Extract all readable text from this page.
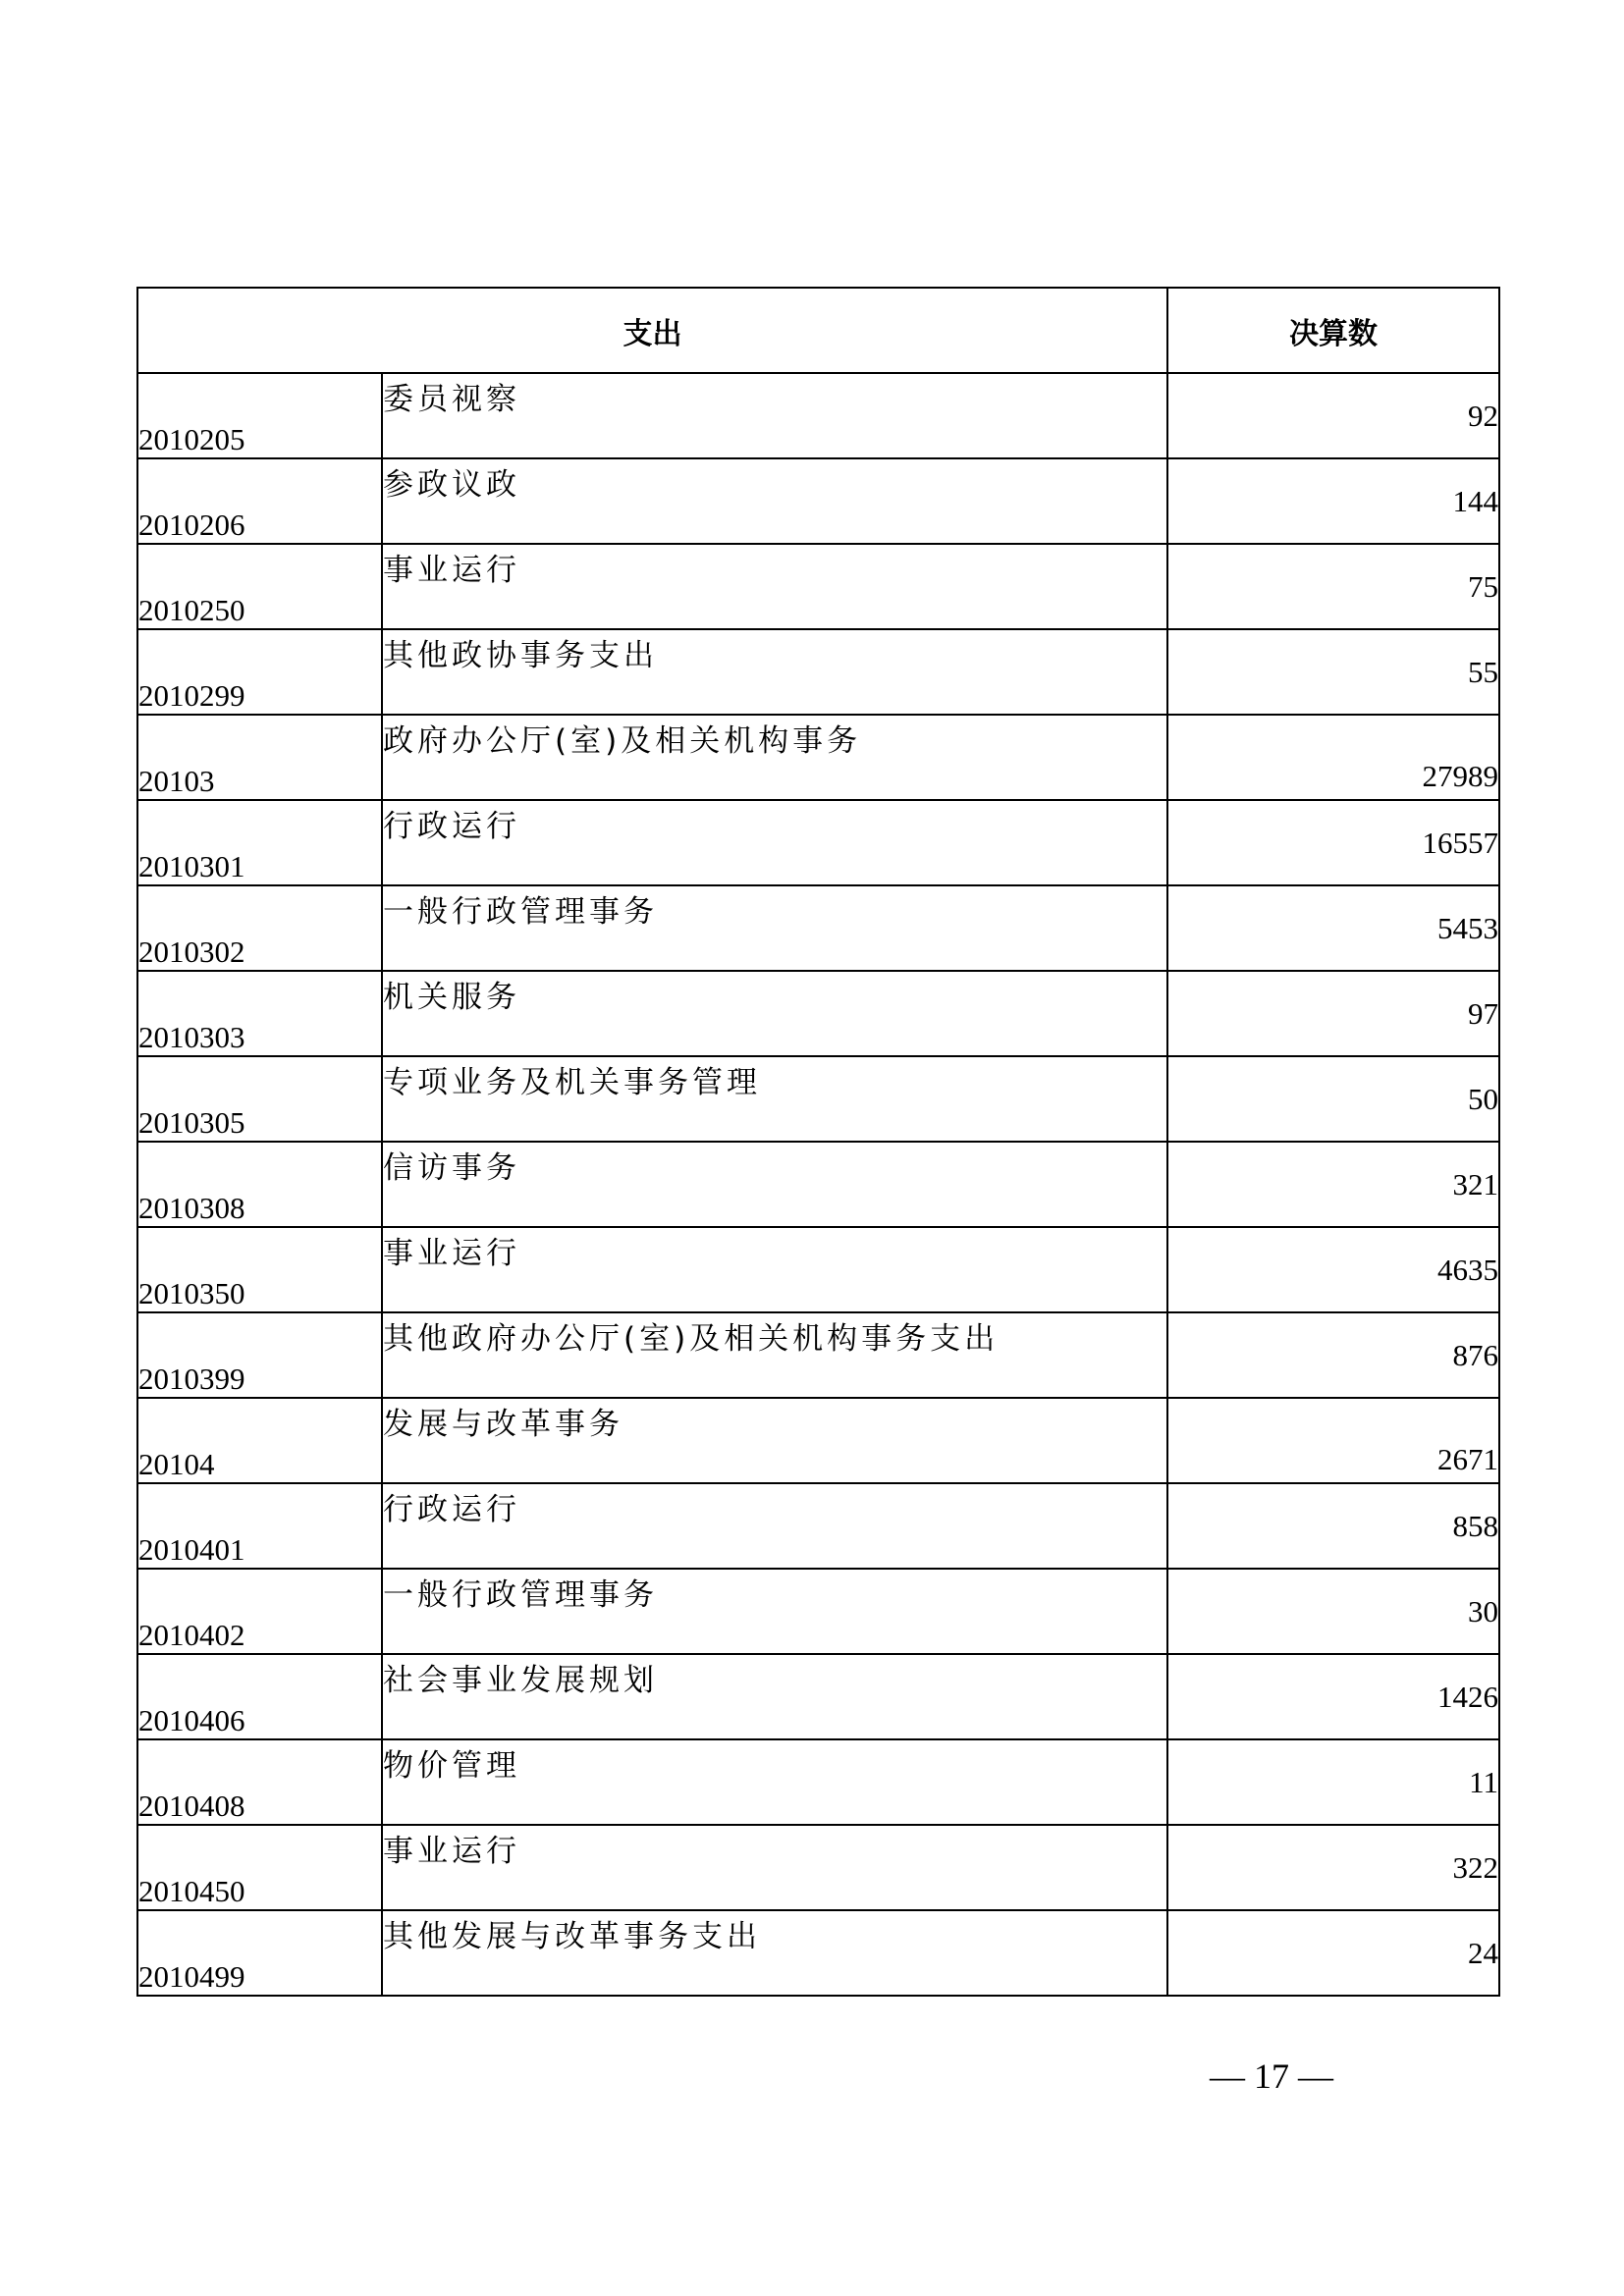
支出		决算数
2010205	委员视察	92
2010206	参政议政	144
2010250	事业运行	75
2010299	其他政协事务支出	55
20103	政府办公厅(室)及相关机构事务	27989
2010301	行政运行	16557
2010302	一般行政管理事务	5453
2010303	机关服务	97
2010305	专项业务及机关事务管理	50
2010308	信访事务	321
2010350	事业运行	4635
2010399	其他政府办公厅(室)及相关机构事务支出	876
20104	发展与改革事务	2671
2010401	行政运行	858
2010402	一般行政管理事务	30
2010406	社会事业发展规划	1426
2010408	物价管理	11
2010450	事业运行	322
2010499	其他发展与改革事务支出	24
— 17 —
